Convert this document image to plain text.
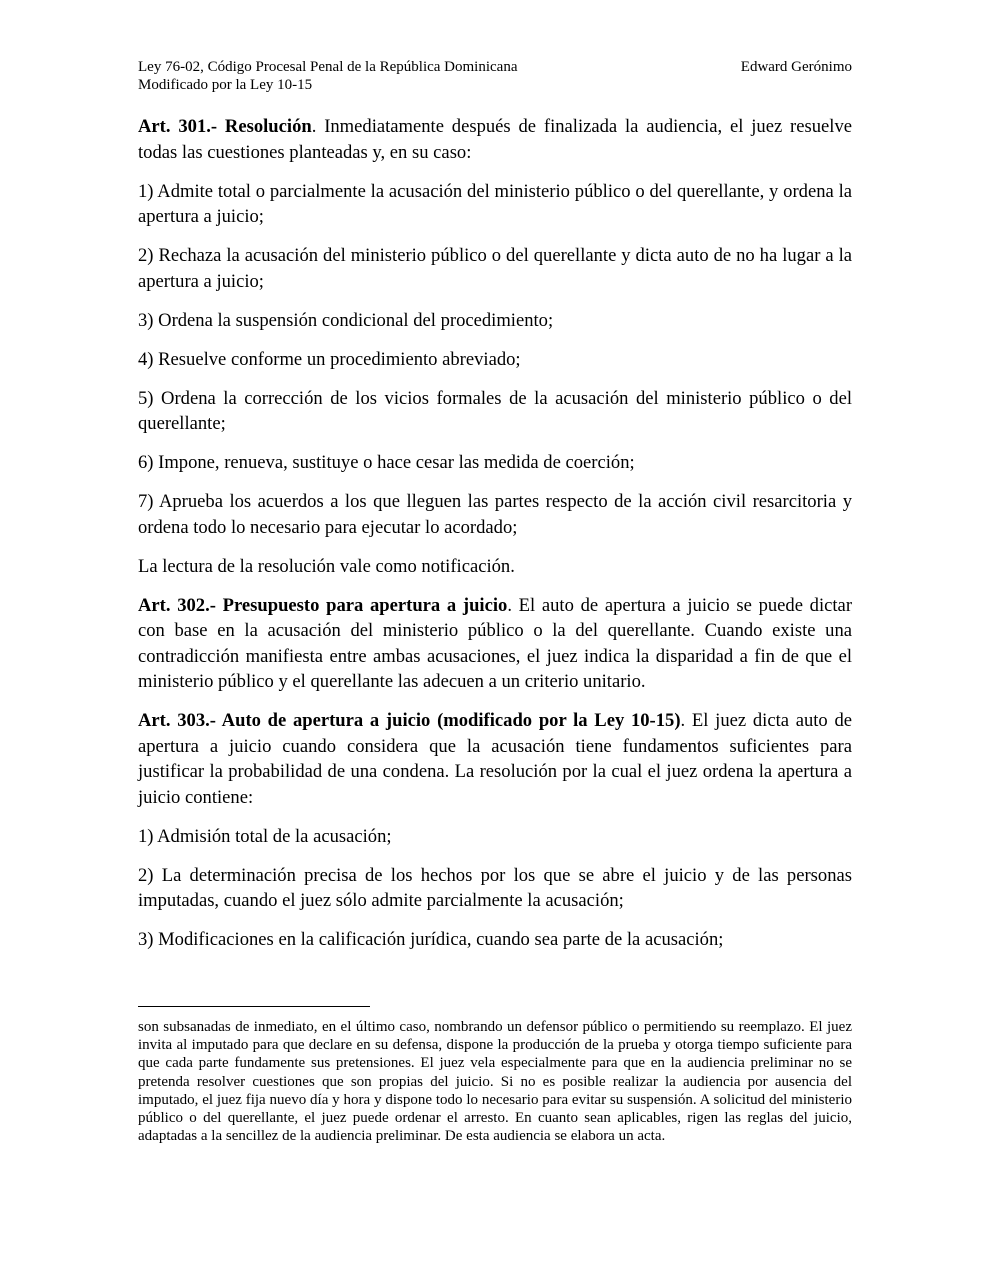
Ley 76-02, Código Procesal Penal de la República Dominicana
Modificado por la Ley 10-15
Edward Gerónimo

Art. 301.- Resolución. Inmediatamente después de finalizada la audiencia, el juez resuelve todas las cuestiones planteadas y, en su caso:

1) Admite total o parcialmente la acusación del ministerio público o del querellante, y ordena la apertura a juicio;

2) Rechaza la acusación del ministerio público o del querellante y dicta auto de no ha lugar a la apertura a juicio;

3) Ordena la suspensión condicional del procedimiento;

4) Resuelve conforme un procedimiento abreviado;

5) Ordena la corrección de los vicios formales de la acusación del ministerio público o del querellante;

6) Impone, renueva, sustituye o hace cesar las medida de coerción;

7) Aprueba los acuerdos a los que lleguen las partes respecto de la acción civil resarcitoria y ordena todo lo necesario para ejecutar lo acordado;

La lectura de la resolución vale como notificación.

Art. 302.- Presupuesto para apertura a juicio. El auto de apertura a juicio se puede dictar con base en la acusación del ministerio público o la del querellante. Cuando existe una contradicción manifiesta entre ambas acusaciones, el juez indica la disparidad a fin de que el ministerio público y el querellante las adecuen a un criterio unitario.

Art. 303.- Auto de apertura a juicio (modificado por la Ley 10-15). El juez dicta auto de apertura a juicio cuando considera que la acusación tiene fundamentos suficientes para justificar la probabilidad de una condena. La resolución por la cual el juez ordena la apertura a juicio contiene:

1) Admisión total de la acusación;

2) La determinación precisa de los hechos por los que se abre el juicio y de las personas imputadas, cuando el juez sólo admite parcialmente la acusación;

3) Modificaciones en la calificación jurídica, cuando sea parte de la acusación;

son subsanadas de inmediato, en el último caso, nombrando un defensor público o permitiendo su reemplazo. El juez invita al imputado para que declare en su defensa, dispone la producción de la prueba y otorga tiempo suficiente para que cada parte fundamente sus pretensiones. El juez vela especialmente para que en la audiencia preliminar no se pretenda resolver cuestiones que son propias del juicio. Si no es posible realizar la audiencia por ausencia del imputado, el juez fija nuevo día y hora y dispone todo lo necesario para evitar su suspensión. A solicitud del ministerio público o del querellante, el juez puede ordenar el arresto. En cuanto sean aplicables, rigen las reglas del juicio, adaptadas a la sencillez de la audiencia preliminar. De esta audiencia se elabora un acta.
